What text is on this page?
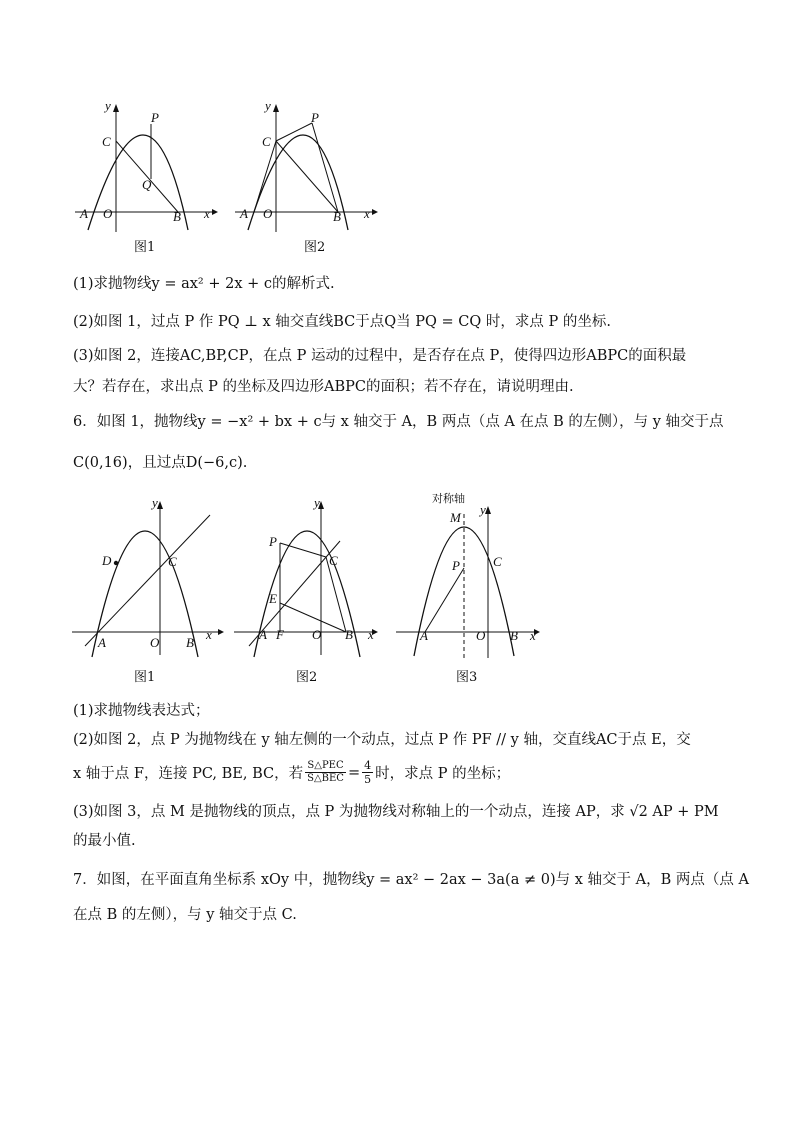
y
C
P
Q
A O	B x
图1
y
C
P
A O	B x
图2
(1)求抛物线y = ax² + 2x + c的解析式.
(2)如图 1，过点 P 作 PQ ⊥ x 轴交直线BC于点Q当 PQ = CQ 时，求点 P 的坐标.
(3)如图 2，连接AC,BP,CP，在点 P 运动的过程中，是否存在点 P，使得四边形ABPC的面积最
大？若存在，求出点 P 的坐标及四边形ABPC的面积；若不存在，请说明理由.
6．如图 1，抛物线y = −x² + bx + c与 x 轴交于 A，B 两点（点 A 在点 B 的左侧），与 y 轴交于点
C(0,16)，且过点D(−6,c).
y
D	C
A	O B
x
图1
y
P
C
E
A F O B x
图2
对称轴
y
M
P	C
A	O B x
图3
(1)求抛物线表达式；
(2)如图 2，点 P 为抛物线在 y 轴左侧的一个动点，过点 P 作 PF // y 轴，交直线AC于点 E，交
x 轴于点 F，连接 PC, BE, BC，若
S△PEC
S△BEC = $\frac{4}{5}$ 时，求点 P 的坐标；
(3)如图 3，点 M 是抛物线的顶点，点 P 为抛物线对称轴上的一个动点，连接 AP，求 √2 AP + PM
的最小值.
7．如图，在平面直角坐标系 xOy 中，抛物线y = ax² − 2ax − 3a(a ≠ 0)与 x 轴交于 A，B 两点（点 A
在点 B 的左侧），与 y 轴交于点 C.
